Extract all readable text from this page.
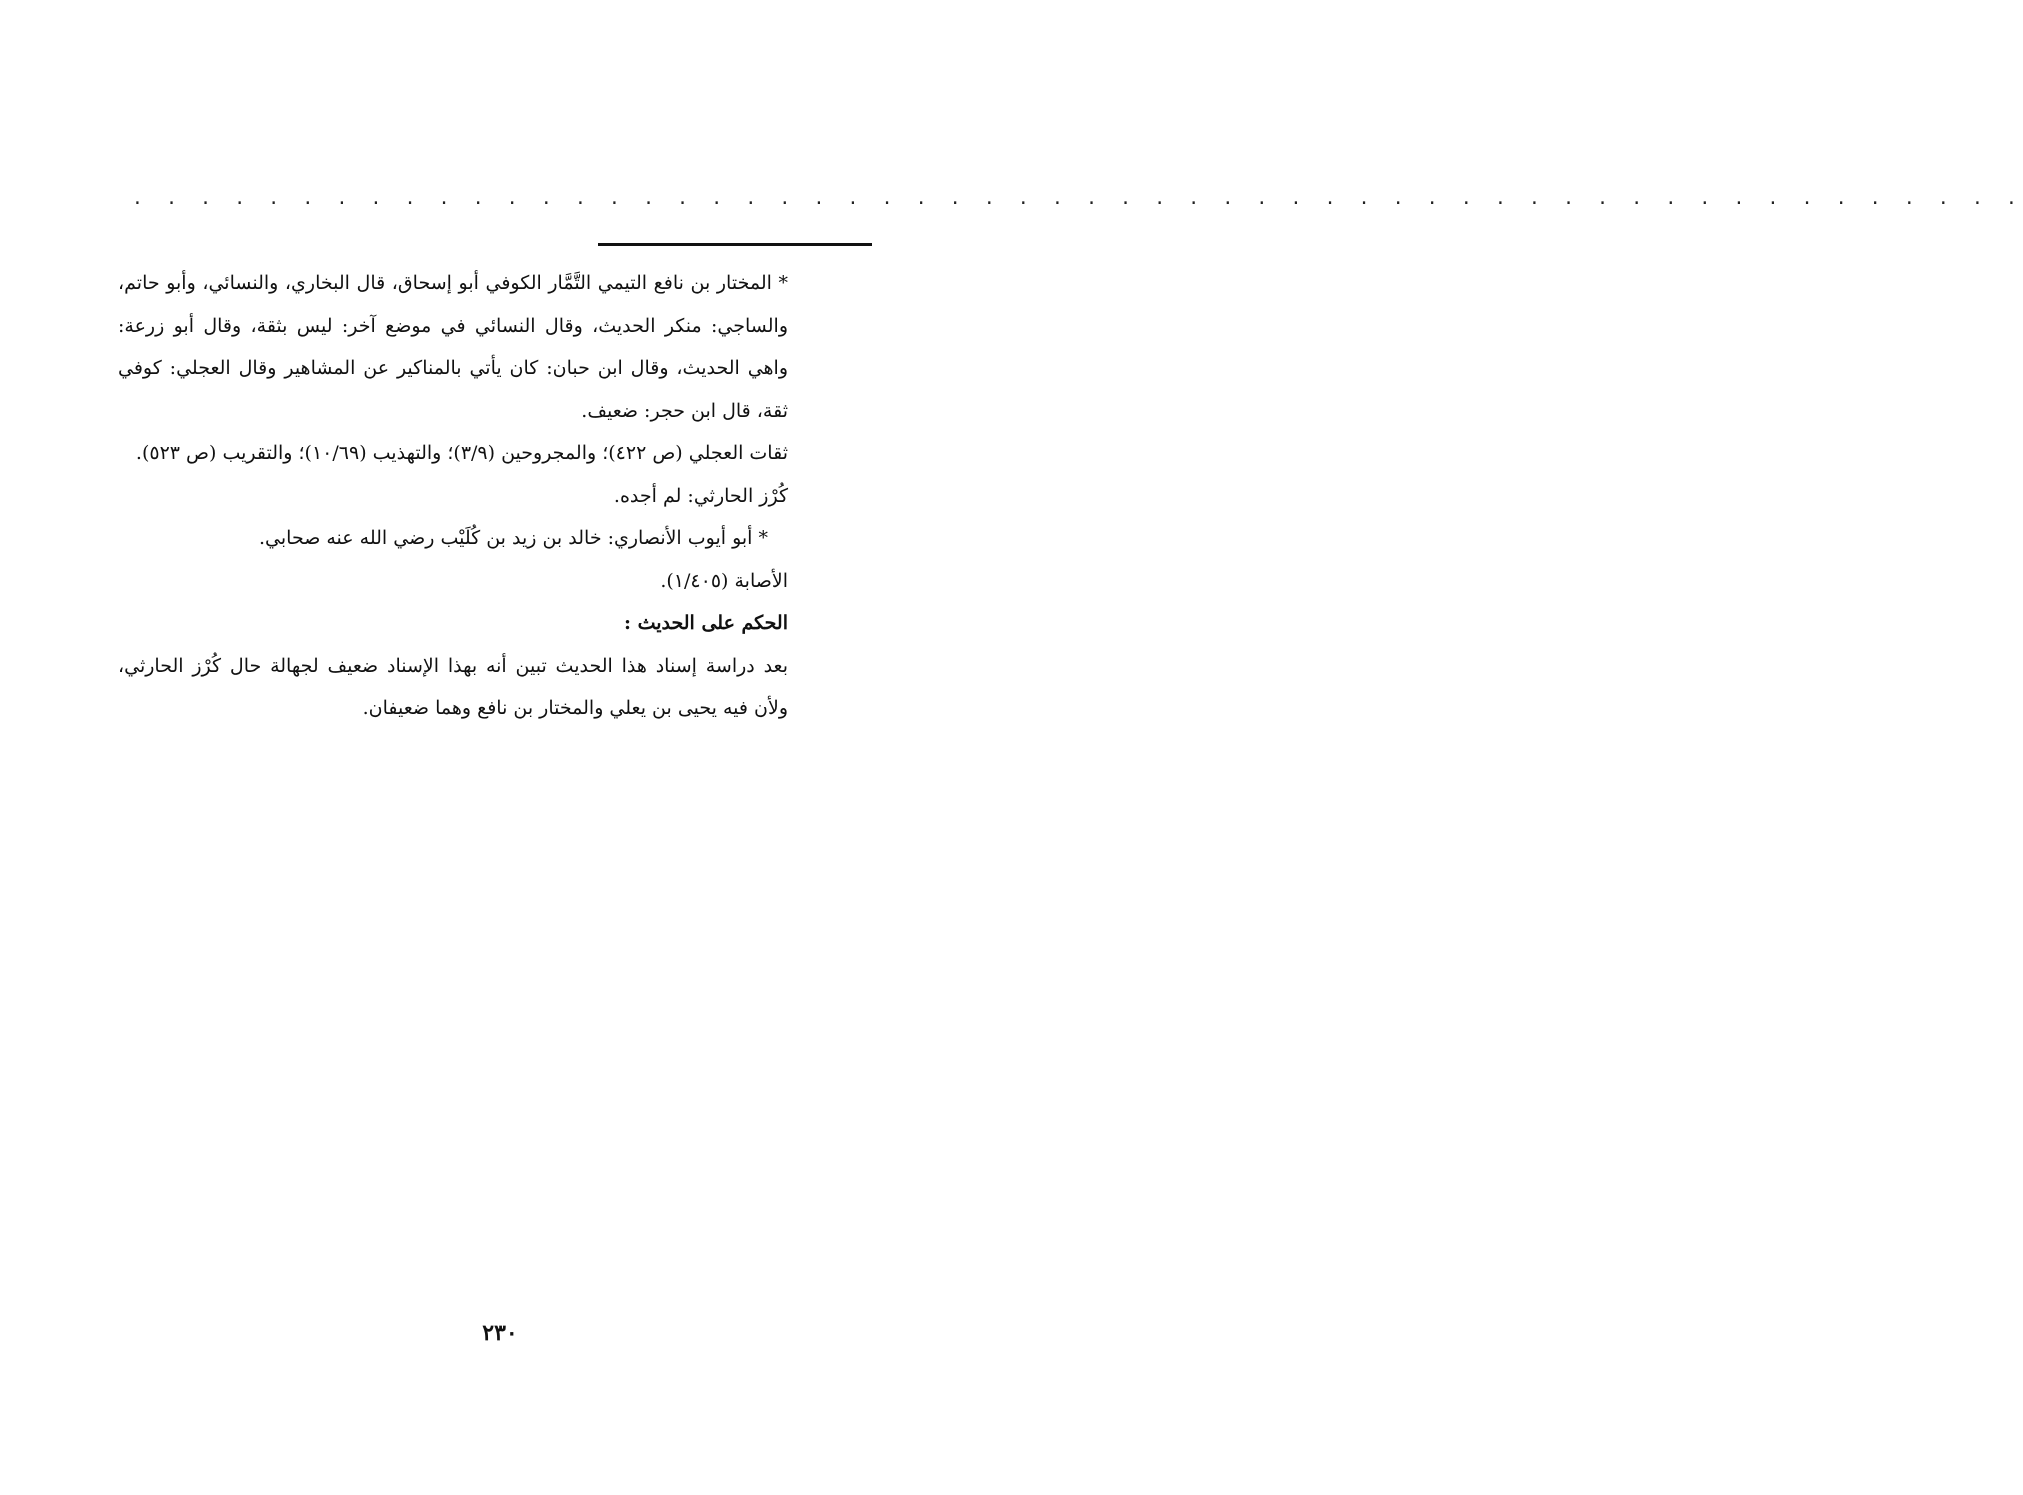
. . . . . . . . . . . . . . . . . . . . . . . . . . . . . . . . . . . . . . . . . . . . . . . . . . . . . . . .

* المختار بن نافع التيمي التَّمَّار الكوفي أبو إسحاق، قال البخاري، والنسائي، وأبو حاتم، والساجي: منكر الحديث، وقال النسائي في موضع آخر: ليس بثقة، وقال أبو زرعة: واهي الحديث، وقال ابن حبان: كان يأتي بالمناكير عن المشاهير وقال العجلي: كوفي ثقة، قال ابن حجر: ضعيف.

ثقات العجلي (ص ٤٢٢)؛ والمجروحين (٣/٩)؛ والتهذيب (١٠/٦٩)؛ والتقريب (ص ٥٢٣).

كُرْز الحارثي: لم أجده.

* أبو أيوب الأنصاري: خالد بن زيد بن كُلَيْب رضي الله عنه صحابي.

الأصابة (١/٤٠٥).

الحكم على الحديث :

بعد دراسة إسناد هذا الحديث تبين أنه بهذا الإسناد ضعيف لجهالة حال كُرْز الحارثي، ولأن فيه يحيى بن يعلي والمختار بن نافع وهما ضعيفان.

٢٣٠
